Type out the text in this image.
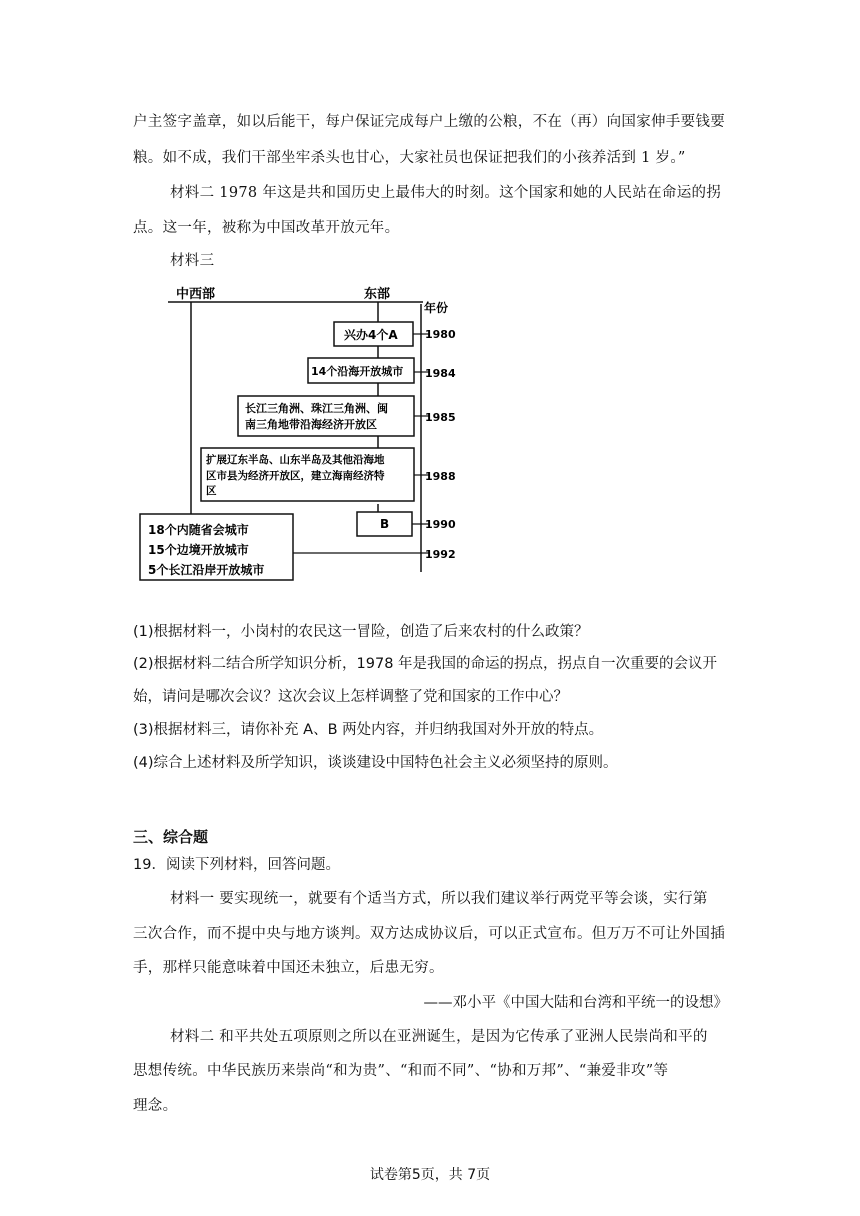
户主签字盖章，如以后能干，每户保证完成每户上缴的公粮，不在（再）向国家伸手要钱要
粮。如不成，我们干部坐牢杀头也甘心，大家社员也保证把我们的小孩养活到 1 岁。”
材料二 1978 年这是共和国历史上最伟大的时刻。这个国家和她的人民站在命运的拐
点。这一年，被称为中国改革开放元年。
材料三
中西部	东部
年份
兴办4个A 1980
14个沿海开放城市 1984
长江三角洲、珠江三角洲、闽
南三角地带沿海经济开放区
1985
扩展辽东半岛、山东半岛及其他沿海地
区市县为经济开放区，建立海南经济特
区
1988
B	1990
18个内随省会城市
15个边境开放城市
5个长江沿岸开放城市
1992
(1)根据材料一，小岗村的农民这一冒险，创造了后来农村的什么政策？
(2)根据材料二结合所学知识分析，1978 年是我国的命运的拐点，拐点自一次重要的会议开
始，请问是哪次会议？这次会议上怎样调整了党和国家的工作中心？
(3)根据材料三，请你补充 A、B 两处内容，并归纳我国对外开放的特点。
(4)综合上述材料及所学知识，谈谈建设中国特色社会主义必须坚持的原则。
三、综合题
19．阅读下列材料，回答问题。
材料一 要实现统一，就要有个适当方式，所以我们建议举行两党平等会谈，实行第
三次合作，而不提中央与地方谈判。双方达成协议后，可以正式宣布。但万万不可让外国插
手，那样只能意味着中国还未独立，后患无穷。
——邓小平《中国大陆和台湾和平统一的设想》
材料二 和平共处五项原则之所以在亚洲诞生，是因为它传承了亚洲人民崇尚和平的
思想传统。中华民族历来崇尚“和为贵”、“和而不同”、“协和万邦”、“兼爱非攻”等
理念。
试卷第5页，共 7页
